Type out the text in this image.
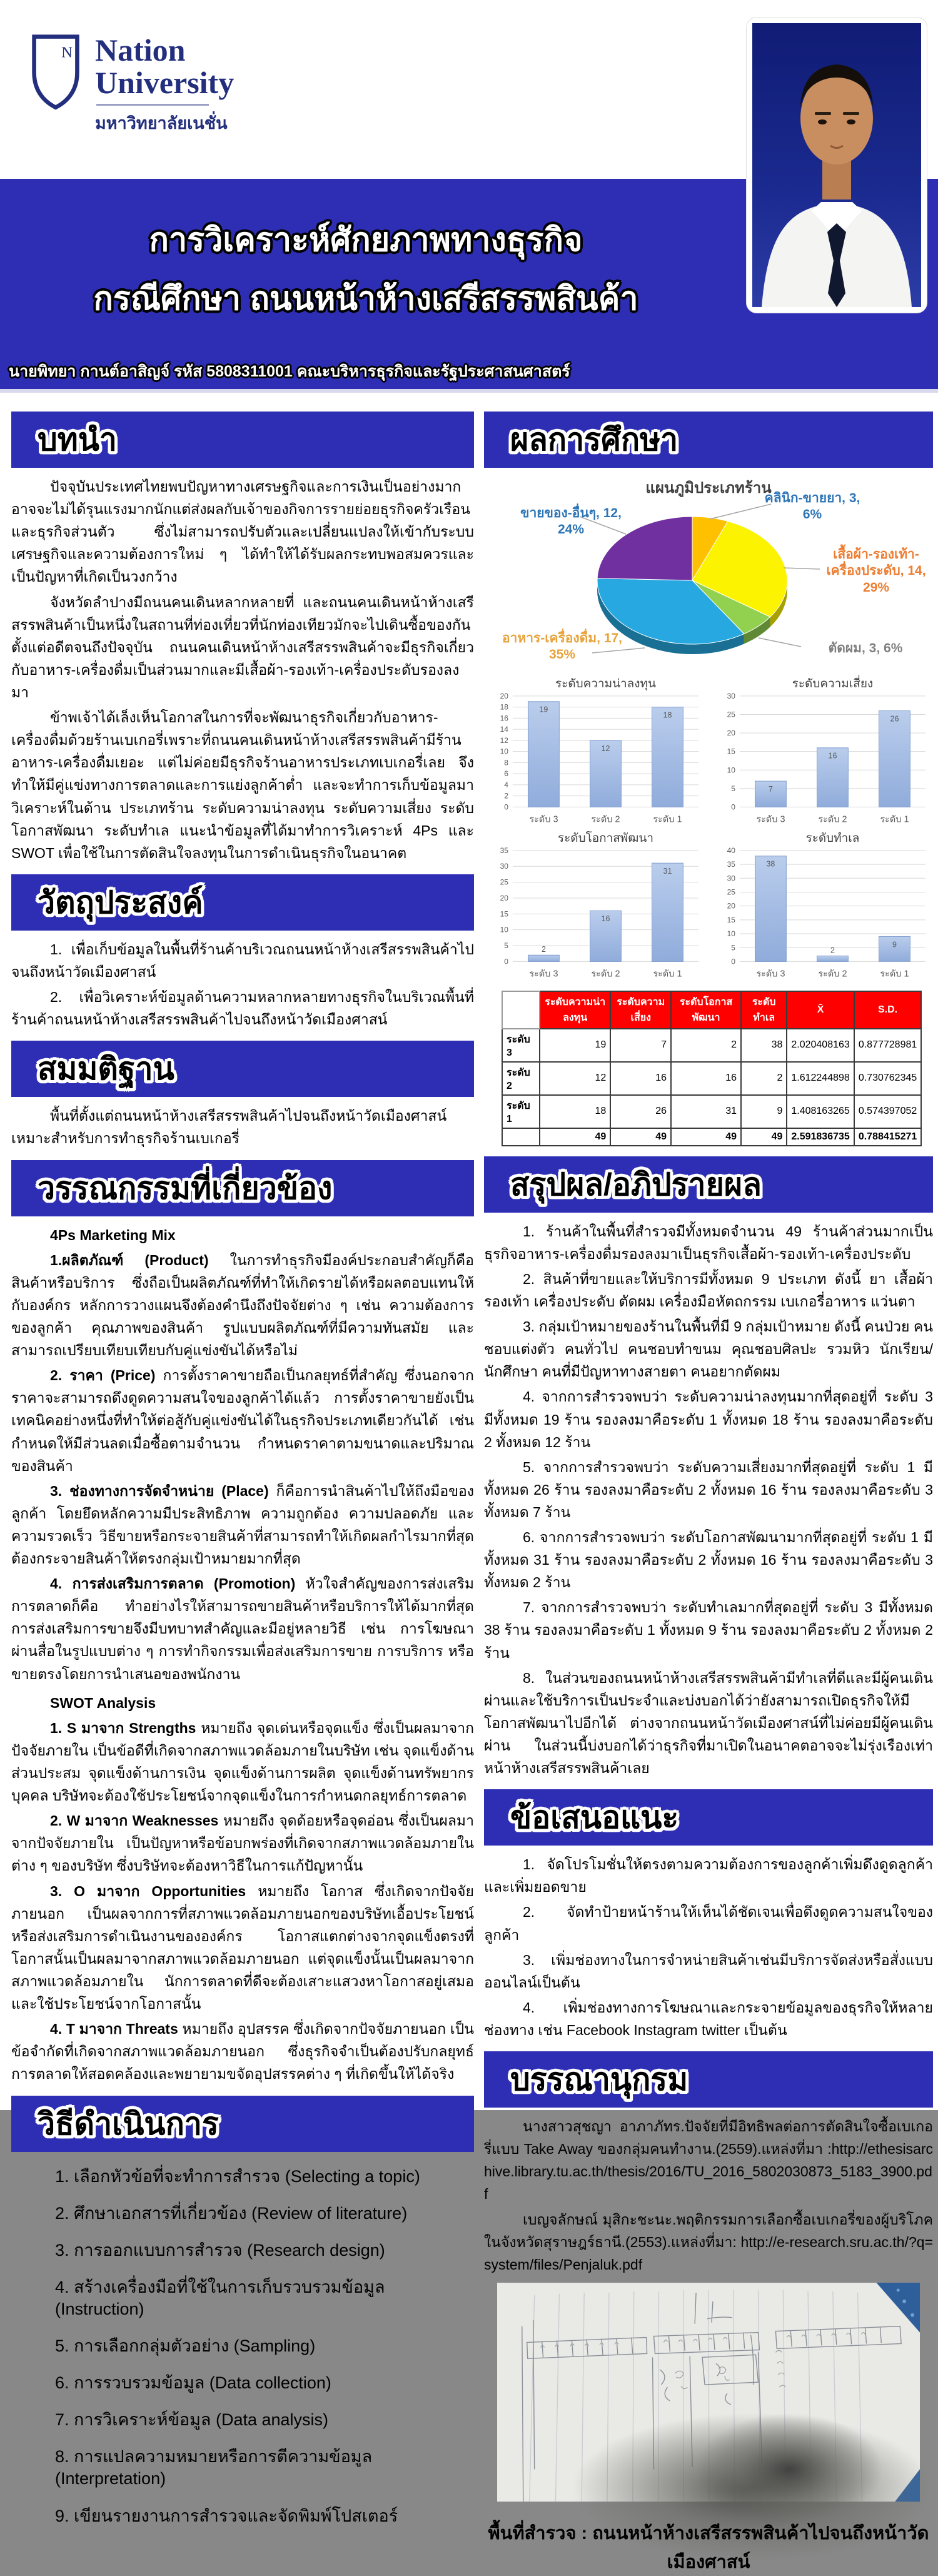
N Nation
University
มหาวิทยาลัยเนชั่น
การวิเคราะห์ศักยภาพทางธุรกิจ
กรณีศึกษา ถนนหน้าห้างเสรีสรรพสินค้า
นายพิทยา กานต์อาสิญจ์ รหัส 5808311001 คณะบริหารธุรกิจและรัฐประศาสนศาสตร์
บทนำ

ปัจจุบันประเทศไทยพบปัญหาทางเศรษฐกิจและการเงินเป็นอย่างมาก อาจจะไม่ได้รุนแรงมากนักแต่ส่งผลกับเจ้าของกิจการรายย่อยธุรกิจครัวเรือนและธุรกิจส่วนตัว ซึ่งไม่สามารถปรับตัวและเปลี่ยนแปลงให้เข้ากับระบบเศรษฐกิจและความต้องการใหม่ ๆ ได้ทำให้ได้รับผลกระทบพอสมควรและเป็นปัญหาที่เกิดเป็นวงกว้าง

จังหวัดลำปางมีถนนคนเดินหลากหลายที่ และถนนคนเดินหน้าห้างเสรีสรรพสินค้าเป็นหนึ่งในสถานที่ท่องเที่ยวที่นักท่องเทียวมักจะไปเดินซื้อของกันตั้งแต่อดีตจนถึงปัจจุบัน ถนนคนเดินหน้าห้างเสรีสรรพสินค้าจะมีธุรกิจเกี่ยวกับอาหาร-เครื่องดื่มเป็นส่วนมากและมีเสื้อผ้า-รองเท้า-เครื่องประดับรองลงมา

ข้าพเจ้าได้เล็งเห็นโอกาสในการที่จะพัฒนาธุรกิจเกี่ยวกับอาหาร-เครื่องดื่มด้วยร้านเบเกอรี่เพราะที่ถนนคนเดินหน้าห้างเสรีสรรพสินค้ามีร้านอาหาร-เครื่องดื่มเยอะ แต่ไม่ค่อยมีธุรกิจร้านอาหารประเภทเบเกอรี่เลย จึงทำให้มีคู่แข่งทางการตลาดและการแย่งลูกค้าต่ำ และจะทำการเก็บข้อมูลมาวิเคราะห์ในด้าน ประเภทร้าน ระดับความน่าลงทุน ระดับความเสี่ยง ระดับโอกาสพัฒนา ระดับทำเล แนะนำข้อมูลที่ได้มาทำการวิเคราะห์ 4Ps และ SWOT เพื่อใช้ในการตัดสินใจลงทุนในการดำเนินธุรกิจในอนาคต

วัตถุประสงค์

1. เพื่อเก็บข้อมูลในพื้นที่ร้านค้าบริเวณถนนหน้าห้างเสรีสรรพสินค้าไปจนถึงหน้าวัดเมืองศาสน์

2. เพื่อวิเคราะห์ข้อมูลด้านความหลากหลายทางธุรกิจในบริเวณพื้นที่ร้านค้าถนนหน้าห้างเสรีสรรพสินค้าไปจนถึงหน้าวัดเมืองศาสน์

สมมติฐาน

พื้นที่ตั้งแต่ถนนหน้าห้างเสรีสรรพสินค้าไปจนถึงหน้าวัดเมืองศาสน์ เหมาะสำหรับการทำธุรกิจร้านเบเกอรี่

วรรณกรรมที่เกี่ยวข้อง
4Ps Marketing Mix

1.ผลิตภัณฑ์ (Product) ในการทำธุรกิจมีองค์ประกอบสำคัญก็คือ สินค้าหรือบริการ ซึ่งถือเป็นผลิตภัณฑ์ที่ทำให้เกิดรายได้หรือผลตอบแทนให้กับองค์กร หลักการวางแผนจึงต้องคำนึงถึงปัจจัยต่าง ๆ เช่น ความต้องการของลูกค้า คุณภาพของสินค้า รูปแบบผลิตภัณฑ์ที่มีความทันสมัย และสามารถเปรียบเทียบเทียบกับคู่แข่งขันได้หรือไม่

2. ราคา (Price) การตั้งราคาขายถือเป็นกลยุทธ์ที่สำคัญ ซึ่งนอกจากราคาจะสามารถดึงดูดความสนใจของลูกค้าได้แล้ว การตั้งราคาขายยังเป็นเทคนิคอย่างหนึ่งที่ทำให้ต่อสู้กับคู่แข่งขันได้ในธุรกิจประเภทเดียวกันได้ เช่น กำหนดให้มีส่วนลดเมื่อซื้อตามจำนวน กำหนดราคาตามขนาดและปริมาณของสินค้า

3. ช่องทางการจัดจำหน่าย (Place) ก็คือการนำสินค้าไปให้ถึงมือของลูกค้า โดยยึดหลักความมีประสิทธิภาพ ความถูกต้อง ความปลอดภัย และความรวดเร็ว วิธีขายหรือกระจายสินค้าที่สามารถทำให้เกิดผลกำไรมากที่สุด ต้องกระจายสินค้าให้ตรงกลุ่มเป้าหมายมากที่สุด

4. การส่งเสริมการตลาด (Promotion) หัวใจสำคัญของการส่งเสริมการตลาดก็คือ ทำอย่างไรให้สามารถขายสินค้าหรือบริการให้ได้มากที่สุด การส่งเสริมการขายจึงมีบทบาทสำคัญและมีอยู่หลายวิธี เช่น การโฆษณาผ่านสื่อในรูปแบบต่าง ๆ การทำกิจกรรมเพื่อส่งเสริมการขาย การบริการ หรือขายตรงโดยการนำเสนอของพนักงาน

SWOT Analysis

1. S มาจาก Strengths หมายถึง จุดเด่นหรือจุดแข็ง ซึ่งเป็นผลมาจากปัจจัยภายใน เป็นข้อดีที่เกิดจากสภาพแวดล้อมภายในบริษัท เช่น จุดแข็งด้านส่วนประสม จุดแข็งด้านการเงิน จุดแข็งด้านการผลิต จุดแข็งด้านทรัพยากรบุคคล บริษัทจะต้องใช้ประโยชน์จากจุดแข็งในการกำหนดกลยุทธ์การตลาด

2. W มาจาก Weaknesses หมายถึง จุดด้อยหรือจุดอ่อน ซึ่งเป็นผลมาจากปัจจัยภายใน เป็นปัญหาหรือข้อบกพร่องที่เกิดจากสภาพแวดล้อมภายในต่าง ๆ ของบริษัท ซึ่งบริษัทจะต้องหาวิธีในการแก้ปัญหานั้น

3. O มาจาก Opportunities หมายถึง โอกาส ซึ่งเกิดจากปัจจัยภายนอก เป็นผลจากการที่สภาพแวดล้อมภายนอกของบริษัทเอื้อประโยชน์หรือส่งเสริมการดำเนินงานขององค์กร โอกาสแตกต่างจากจุดแข็งตรงที่โอกาสนั้นเป็นผลมาจากสภาพแวดล้อมภายนอก แต่จุดแข็งนั้นเป็นผลมาจากสภาพแวดล้อมภายใน นักการตลาดที่ดีจะต้องเสาะแสวงหาโอกาสอยู่เสมอ และใช้ประโยชน์จากโอกาสนั้น

4. T มาจาก Threats หมายถึง อุปสรรค ซึ่งเกิดจากปัจจัยภายนอก เป็นข้อจำกัดที่เกิดจากสภาพแวดล้อมภายนอก ซึ่งธุรกิจจำเป็นต้องปรับกลยุทธ์การตลาดให้สอดคล้องและพยายามขจัดอุปสรรคต่าง ๆ ที่เกิดขึ้นให้ได้จริง

วิธีดำเนินการ

1. เลือกหัวข้อที่จะทำการสำรวจ (Selecting a topic)

2. ศึกษาเอกสารที่เกี่ยวข้อง (Review of literature)

3. การออกแบบการสำรวจ (Research design)

4. สร้างเครื่องมือที่ใช้ในการเก็บรวบรวมข้อมูล (Instruction)

5. การเลือกกลุ่มตัวอย่าง (Sampling)

6. การรวบรวมข้อมูล (Data collection)

7. การวิเคราะห์ข้อมูล (Data analysis)

8. การแปลความหมายหรือการตีความข้อมูล (Interpretation)

9. เขียนรายงานการสำรวจและจัดพิมพ์โปสเตอร์

ผลการศึกษา
แผนภูมิประเภทร้าน
คลินิก-ขายยา, 3, 6%
เสื้อผ้า-รองเท้า-เครื่องประดับ, 14, 29%
ตัดผม, 3, 6%
อาหาร-เครื่องดื่ม, 17, 35%
ขายของ-อื่นๆ, 12, 24%
0
2
4
6
8
10
12
14
16
18
20
19
ระดับ 3
12
ระดับ 2
18
ระดับ 1
ระดับความน่าลงทุน
0
5
10
15
20
25
30
7
ระดับ 3
16
ระดับ 2
26
ระดับ 1
ระดับความเสี่ยง
0
5
10
15
20
25
30
35
2
ระดับ 3
16
ระดับ 2
31
ระดับ 1
ระดับโอกาสพัฒนา
0
5
10
15
20
25
30
35
40
38
ระดับ 3
2
ระดับ 2
9
ระดับ 1
ระดับทำเล
	ระดับความน่าลงทุน	ระดับความเสี่ยง	ระดับโอกาสพัฒนา	ระดับทำเล	X̄	S.D.
ระดับ 3	19	7	2	38	2.020408163	0.877728981
ระดับ 2	12	16	16	2	1.612244898	0.730762345
ระดับ 1	18	26	31	9	1.408163265	0.574397052
	49	49	49	49	2.591836735	0.788415271
สรุปผล/อภิปรายผล

1. ร้านค้าในพื้นที่สำรวจมีทั้งหมดจำนวน 49 ร้านค้าส่วนมากเป็นธุรกิจอาหาร-เครื่องดื่มรองลงมาเป็นธุรกิจเสื้อผ้า-รองเท้า-เครื่องประดับ

2. สินค้าที่ขายและให้บริการมีทั้งหมด 9 ประเภท ดังนี้ ยา เสื้อผ้า รองเท้า เครื่องประดับ ตัดผม เครื่องมือหัตถกรรม เบเกอรี่อาหาร แว่นตา

3. กลุ่มเป้าหมายของร้านในพื้นที่มี 9 กลุ่มเป้าหมาย ดังนี้ คนป่วย คนชอบแต่งตัว คนทั่วไป คนชอบทำขนม คุณชอบศิลปะ รวมหิว นักเรียน/นักศึกษา คนที่มีปัญหาทางสายตา คนอยากตัดผม

4. จากการสำรวจพบว่า ระดับความน่าลงทุนมากที่สุดอยู่ที่ ระดับ 3 มีทั้งหมด 19 ร้าน รองลงมาคือระดับ 1 ทั้งหมด 18 ร้าน รองลงมาคือระดับ 2 ทั้งหมด 12 ร้าน

5. จากการสำรวจพบว่า ระดับความเสี่ยงมากที่สุดอยู่ที่ ระดับ 1 มีทั้งหมด 26 ร้าน รองลงมาคือระดับ 2 ทั้งหมด 16 ร้าน รองลงมาคือระดับ 3 ทั้งหมด 7 ร้าน

6. จากการสำรวจพบว่า ระดับโอกาสพัฒนามากที่สุดอยู่ที่ ระดับ 1 มีทั้งหมด 31 ร้าน รองลงมาคือระดับ 2 ทั้งหมด 16 ร้าน รองลงมาคือระดับ 3 ทั้งหมด 2 ร้าน

7. จากการสำรวจพบว่า ระดับทำเลมากที่สุดอยู่ที่ ระดับ 3 มีทั้งหมด 38 ร้าน รองลงมาคือระดับ 1 ทั้งหมด 9 ร้าน รองลงมาคือระดับ 2 ทั้งหมด 2 ร้าน

8. ในส่วนของถนนหน้าห้างเสรีสรรพสินค้ามีทำเลที่ดีและมีผู้คนเดินผ่านและใช้บริการเป็นประจำและบ่งบอกได้ว่ายังสามารถเปิดธุรกิจให้มีโอกาสพัฒนาไปอีกได้ ต่างจากถนนหน้าวัดเมืองศาสน์ที่ไม่ค่อยมีผู้คนเดินผ่าน ในส่วนนี้บ่งบอกได้ว่าธุรกิจที่มาเปิดในอนาคตอาจจะไม่รุ่งเรืองเท่าหน้าห้างเสรีสรรพสินค้าเลย

ข้อเสนอแนะ

1. จัดโปรโมชั่นให้ตรงตามความต้องการของลูกค้าเพิ่มดึงดูดลูกค้าและเพิ่มยอดขาย

2. จัดทำป้ายหน้าร้านให้เห็นได้ชัดเจนเพื่อดึงดูดความสนใจของลูกค้า

3. เพิ่มช่องทางในการจำหน่ายสินค้าเช่นมีบริการจัดส่งหรือสั่งแบบออนไลน์เป็นต้น

4. เพิ่มช่องทางการโฆษณาและกระจายข้อมูลของธุรกิจให้หลายช่องทาง เช่น Facebook Instagram twitter เป็นต้น

บรรณานุกรม

นางสาวสุชญา อาภาภัทร.ปัจจัยที่มีอิทธิพลต่อการตัดสินใจซื้อเบเกอรี่แบบ Take Away ของกลุ่มคนทำงาน.(2559).แหล่งที่มา :http://ethesisarchive.library.tu.ac.th/thesis/2016/TU_2016_5802030873_5183_3900.pdf

เบญจลักษณ์ มุสิกะชะนะ.พฤติกรรมการเลือกซื้อเบเกอรี่ของผู้บริโภคในจังหวัดสุราษฎร์ธานี.(2553).แหล่งที่มา: http://e-research.sru.ac.th/?q=system/files/Penjaluk.pdf

พื้นที่สำรวจ : ถนนหน้าห้างเสรีสรรพสินค้าไปจนถึงหน้าวัดเมืองศาสน์
